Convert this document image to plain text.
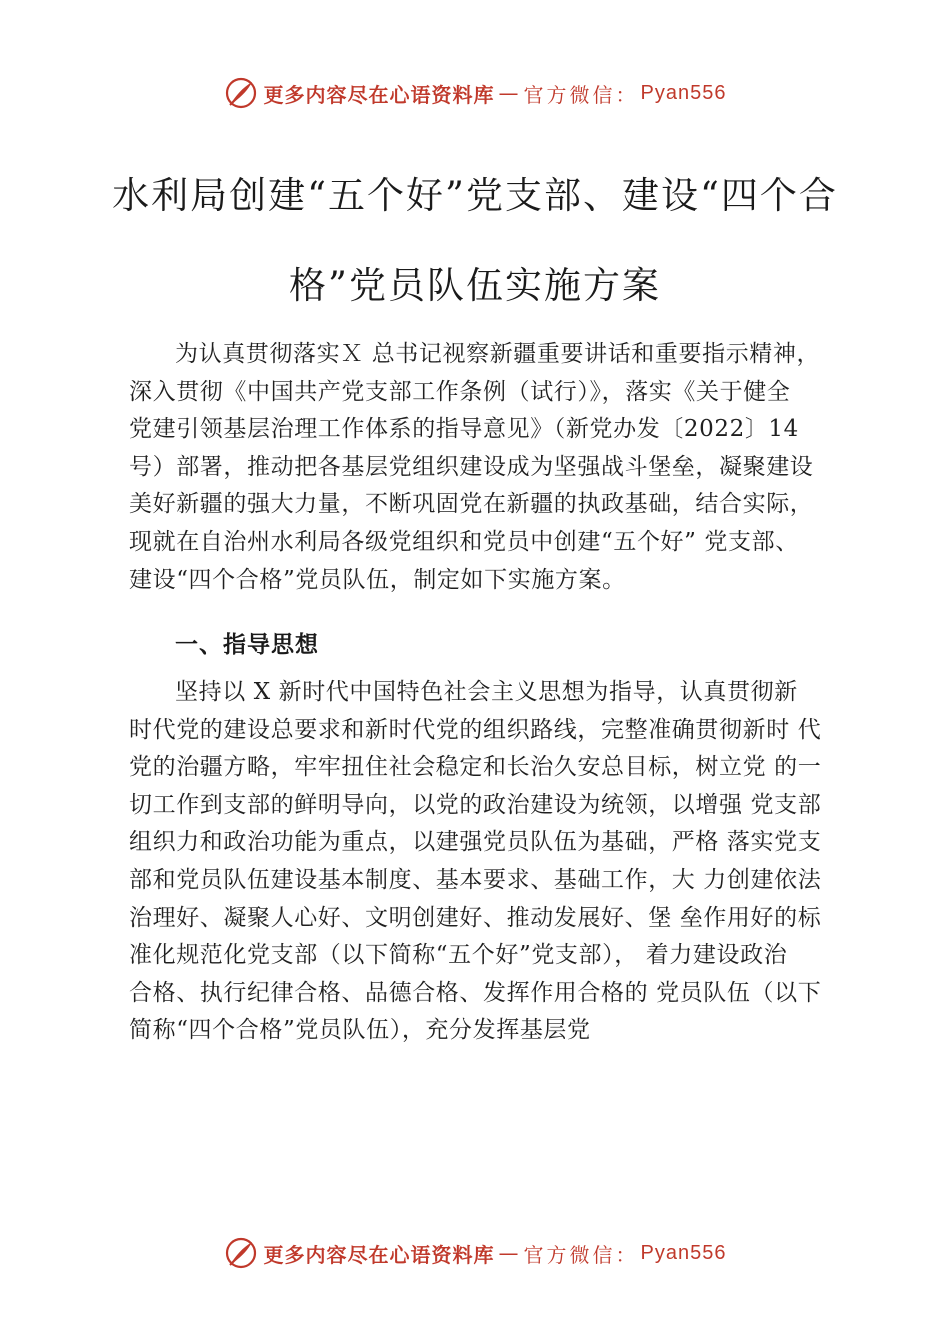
更多内容尽在心语资料库 — 官方微信： Pyan556
水利局创建“五个好”党支部、建设“四个合
格”党员队伍实施方案
为认真贯彻落实Ｘ 总书记视察新疆重要讲话和重要指示精神，
深入贯彻《中国共产党支部工作条例（试行）》，落实《关于健全
党建引领基层治理工作体系的指导意见》（新党办发〔2022〕14
号）部署，推动把各基层党组织建设成为坚强战斗堡垒，凝聚建设
美好新疆的强大力量，不断巩固党在新疆的执政基础，结合实际，
现就在自治州水利局各级党组织和党员中创建“五个好” 党支部、
建设“四个合格”党员队伍，制定如下实施方案。
一、指导思想
坚持以 X 新时代中国特色社会主义思想为指导，认真贯彻新
时代党的建设总要求和新时代党的组织路线，完整准确贯彻新时 代
党的治疆方略，牢牢扭住社会稳定和长治久安总目标，树立党 的一
切工作到支部的鲜明导向，以党的政治建设为统领，以增强 党支部
组织力和政治功能为重点，以建强党员队伍为基础，严格 落实党支
部和党员队伍建设基本制度、基本要求、基础工作，大 力创建依法
治理好、凝聚人心好、文明创建好、推动发展好、堡 垒作用好的标
准化规范化党支部（以下简称“五个好”党支部）， 着力建设政治
合格、执行纪律合格、品德合格、发挥作用合格的 党员队伍（以下
简称“四个合格”党员队伍），充分发挥基层党
更多内容尽在心语资料库 — 官方微信： Pyan556
